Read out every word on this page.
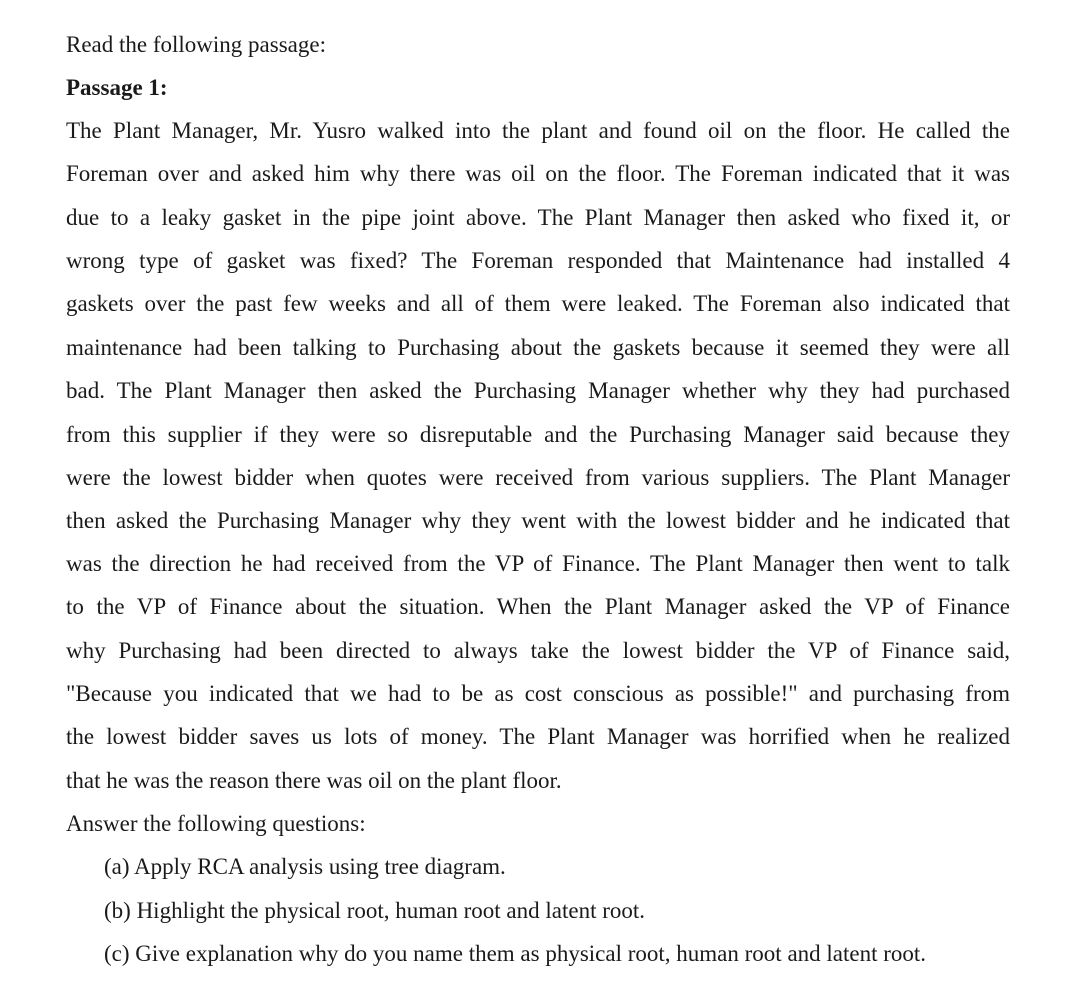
Read the following passage:
Passage 1:
The Plant Manager, Mr. Yusro walked into the plant and found oil on the floor. He called the
Foreman over and asked him why there was oil on the floor. The Foreman indicated that it was
due to a leaky gasket in the pipe joint above. The Plant Manager then asked who fixed it, or
wrong type of gasket was fixed? The Foreman responded that Maintenance had installed 4
gaskets over the past few weeks and all of them were leaked. The Foreman also indicated that
maintenance had been talking to Purchasing about the gaskets because it seemed they were all
bad. The Plant Manager then asked the Purchasing Manager whether why they had purchased
from this supplier if they were so disreputable and the Purchasing Manager said because they
were the lowest bidder when quotes were received from various suppliers. The Plant Manager
then asked the Purchasing Manager why they went with the lowest bidder and he indicated that
was the direction he had received from the VP of Finance. The Plant Manager then went to talk
to the VP of Finance about the situation. When the Plant Manager asked the VP of Finance
why Purchasing had been directed to always take the lowest bidder the VP of Finance said,
"Because you indicated that we had to be as cost conscious as possible!" and purchasing from
the lowest bidder saves us lots of money. The Plant Manager was horrified when he realized
that he was the reason there was oil on the plant floor.
Answer the following questions:
(a) Apply RCA analysis using tree diagram.
(b) Highlight the physical root, human root and latent root.
(c) Give explanation why do you name them as physical root, human root and latent root.
